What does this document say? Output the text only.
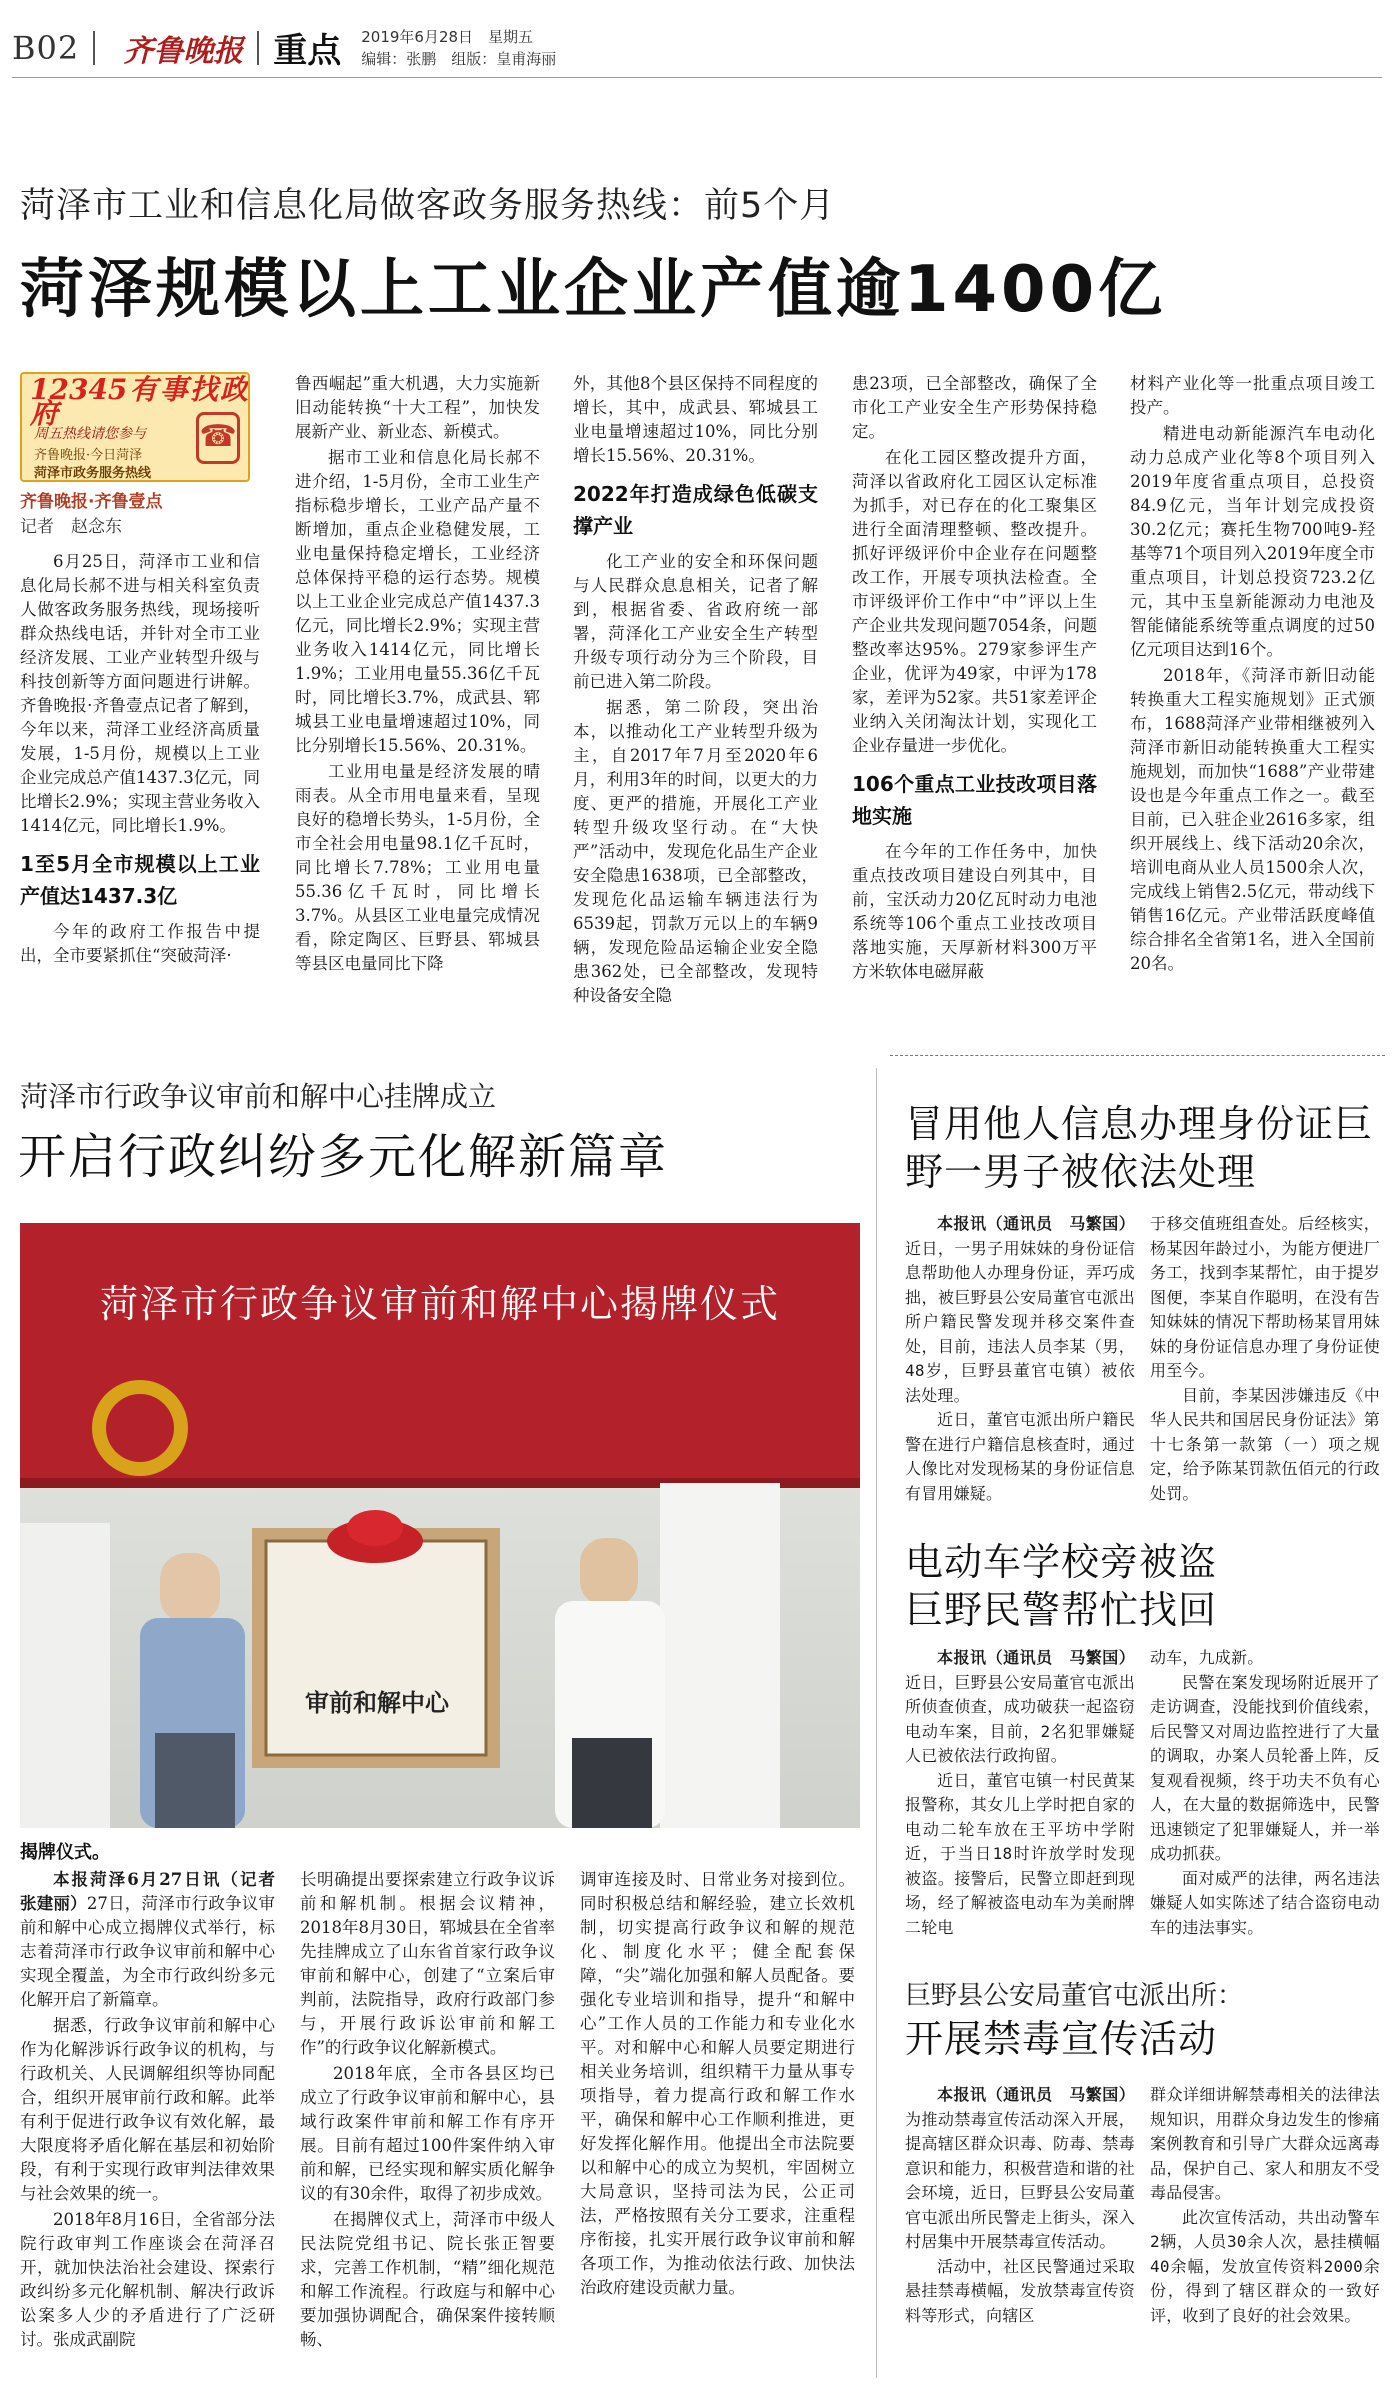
B02 齐鲁晚报 重点 2019年6月28日　星期五
编辑：张鹏　组版：皇甫海丽
菏泽市工业和信息化局做客政务服务热线：前5个月
菏泽规模以上工业企业产值逾1400亿
12345有事找政府
周五热线请您参与
齐鲁晚报·今日菏泽
菏泽市政务服务热线
☎
齐鲁晚报·齐鲁壹点
记者　赵念东

6月25日，菏泽市工业和信息化局长郝不进与相关科室负责人做客政务服务热线，现场接听群众热线电话，并针对全市工业经济发展、工业产业转型升级与科技创新等方面问题进行讲解。齐鲁晚报·齐鲁壹点记者了解到，今年以来，菏泽工业经济高质量发展，1-5月份，规模以上工业企业完成总产值1437.3亿元，同比增长2.9%；实现主营业务收入1414亿元，同比增长1.9%。

1至5月全市规模以上工业产值达1437.3亿

今年的政府工作报告中提出，全市要紧抓住“突破菏泽·

鲁西崛起”重大机遇，大力实施新旧动能转换“十大工程”，加快发展新产业、新业态、新模式。

据市工业和信息化局长郝不进介绍，1-5月份，全市工业生产指标稳步增长，工业产品产量不断增加，重点企业稳健发展，工业电量保持稳定增长，工业经济总体保持平稳的运行态势。规模以上工业企业完成总产值1437.3亿元，同比增长2.9%；实现主营业务收入1414亿元，同比增长1.9%；工业用电量55.36亿千瓦时，同比增长3.7%，成武县、郓城县工业电量增速超过10%，同比分别增长15.56%、20.31%。

工业用电量是经济发展的晴雨表。从全市用电量来看，呈现良好的稳增长势头，1-5月份，全市全社会用电量98.1亿千瓦时，同比增长7.78%；工业用电量55.36亿千瓦时，同比增长3.7%。从县区工业电量完成情况看，除定陶区、巨野县、郓城县等县区电量同比下降

外，其他8个县区保持不同程度的增长，其中，成武县、郓城县工业电量增速超过10%，同比分别增长15.56%、20.31%。

2022年打造成绿色低碳支撑产业

化工产业的安全和环保问题与人民群众息息相关，记者了解到，根据省委、省政府统一部署，菏泽化工产业安全生产转型升级专项行动分为三个阶段，目前已进入第二阶段。

据悉，第二阶段，突出治本，以推动化工产业转型升级为主，自2017年7月至2020年6月，利用3年的时间，以更大的力度、更严的措施，开展化工产业转型升级攻坚行动。在“大快严”活动中，发现危化品生产企业安全隐患1638项，已全部整改，发现危化品运输车辆违法行为6539起，罚款万元以上的车辆9辆，发现危险品运输企业安全隐患362处，已全部整改，发现特种设备安全隐

患23项，已全部整改，确保了全市化工产业安全生产形势保持稳定。

在化工园区整改提升方面，菏泽以省政府化工园区认定标准为抓手，对已存在的化工聚集区进行全面清理整顿、整改提升。抓好评级评价中企业存在问题整改工作，开展专项执法检查。全市评级评价工作中“中”评以上生产企业共发现问题7054条，问题整改率达95%。279家参评生产企业，优评为49家，中评为178家，差评为52家。共51家差评企业纳入关闭淘汰计划，实现化工企业存量进一步优化。

106个重点工业技改项目落地实施

在今年的工作任务中，加快重点技改项目建设白列其中，目前，宝沃动力20亿瓦时动力电池系统等106个重点工业技改项目落地实施，天厚新材料300万平方米软体电磁屏蔽

材料产业化等一批重点项目竣工投产。

精进电动新能源汽车电动化动力总成产业化等8个项目列入2019年度省重点项目，总投资84.9亿元，当年计划完成投资30.2亿元；赛托生物700吨9-羟基等71个项目列入2019年度全市重点项目，计划总投资723.2亿元，其中玉皇新能源动力电池及智能储能系统等重点调度的过50亿元项目达到16个。

2018年，《菏泽市新旧动能转换重大工程实施规划》正式颁布，1688菏泽产业带相继被列入菏泽市新旧动能转换重大工程实施规划，而加快“1688”产业带建设也是今年重点工作之一。截至目前，已入驻企业2616多家，组织开展线上、线下活动20余次，培训电商从业人员1500余人次，完成线上销售2.5亿元，带动线下销售16亿元。产业带活跃度峰值综合排名全省第1名，进入全国前20名。

菏泽市行政争议审前和解中心挂牌成立
开启行政纠纷多元化解新篇章
菏泽市行政争议审前和解中心揭牌仪式
审前和解中心
揭牌仪式。

本报菏泽6月27日讯（记者　张建丽）27日，菏泽市行政争议审前和解中心成立揭牌仪式举行，标志着菏泽市行政争议审前和解中心实现全覆盖，为全市行政纠纷多元化解开启了新篇章。

据悉，行政争议审前和解中心作为化解涉诉行政争议的机构，与行政机关、人民调解组织等协同配合，组织开展审前行政和解。此举有利于促进行政争议有效化解，最大限度将矛盾化解在基层和初始阶段，有利于实现行政审判法律效果与社会效果的统一。

2018年8月16日，全省部分法院行政审判工作座谈会在菏泽召开，就加快法治社会建设、探索行政纠纷多元化解机制、解决行政诉讼案多人少的矛盾进行了广泛研讨。张成武副院

长明确提出要探索建立行政争议诉前和解机制。根据会议精神，2018年8月30日，郓城县在全省率先挂牌成立了山东省首家行政争议审前和解中心，创建了“立案后审判前，法院指导，政府行政部门参与，开展行政诉讼审前和解工作”的行政争议化解新模式。

2018年底，全市各县区均已成立了行政争议审前和解中心，县域行政案件审前和解工作有序开展。目前有超过100件案件纳入审前和解，已经实现和解实质化解争议的有30余件，取得了初步成效。

在揭牌仪式上，菏泽市中级人民法院党组书记、院长张正智要求，完善工作机制，“精”细化规范和解工作流程。行政庭与和解中心要加强协调配合，确保案件接转顺畅、

调审连接及时、日常业务对接到位。同时积极总结和解经验，建立长效机制，切实提高行政争议和解的规范化、制度化水平；健全配套保障，“尖”端化加强和解人员配备。要强化专业培训和指导，提升“和解中心”工作人员的工作能力和专业化水平。对和解中心和解人员要定期进行相关业务培训，组织精干力量从事专项指导，着力提高行政和解工作水平，确保和解中心工作顺利推进，更好发挥化解作用。他提出全市法院要以和解中心的成立为契机，牢固树立大局意识，坚持司法为民，公正司法，严格按照有关分工要求，注重程序衔接，扎实开展行政争议审前和解各项工作，为推动依法行政、加快法治政府建设贡献力量。

冒用他人信息办理身份证巨野一男子被依法处理

本报讯（通讯员　马繁国）近日，一男子用妹妹的身份证信息帮助他人办理身份证，弄巧成拙，被巨野县公安局董官屯派出所户籍民警发现并移交案件查处，目前，违法人员李某（男，48岁，巨野县董官屯镇）被依法处理。

近日，董官屯派出所户籍民警在进行户籍信息核查时，通过人像比对发现杨某的身份证信息有冒用嫌疑。

于移交值班组查处。后经核实，杨某因年龄过小，为能方便进厂务工，找到李某帮忙，由于提岁图便，李某自作聪明，在没有告知妹妹的情况下帮助杨某冒用妹妹的身份证信息办理了身份证使用至今。

目前，李某因涉嫌违反《中华人民共和国居民身份证法》第十七条第一款第（一）项之规定，给予陈某罚款伍佰元的行政处罚。

电动车学校旁被盗巨野民警帮忙找回

本报讯（通讯员　马繁国）近日，巨野县公安局董官屯派出所侦查侦查，成功破获一起盗窃电动车案，目前，2名犯罪嫌疑人已被依法行政拘留。

近日，董官屯镇一村民黄某报警称，其女儿上学时把自家的电动二轮车放在王平坊中学附近，于当日18时许放学时发现被盗。接警后，民警立即赶到现场，经了解被盗电动车为美耐牌二轮电

动车，九成新。

民警在案发现场附近展开了走访调查，没能找到价值线索，后民警又对周边监控进行了大量的调取，办案人员轮番上阵，反复观看视频，终于功夫不负有心人，在大量的数据筛选中，民警迅速锁定了犯罪嫌疑人，并一举成功抓获。

面对威严的法律，两名违法嫌疑人如实陈述了结合盗窃电动车的违法事实。

巨野县公安局董官屯派出所：
开展禁毒宣传活动

本报讯（通讯员　马繁国）为推动禁毒宣传活动深入开展，提高辖区群众识毒、防毒、禁毒意识和能力，积极营造和谐的社会环境，近日，巨野县公安局董官屯派出所民警走上街头，深入村居集中开展禁毒宣传活动。

活动中，社区民警通过采取悬挂禁毒横幅，发放禁毒宣传资料等形式，向辖区

群众详细讲解禁毒相关的法律法规知识，用群众身边发生的惨痛案例教育和引导广大群众远离毒品，保护自己、家人和朋友不受毒品侵害。

此次宣传活动，共出动警车2辆，人员30余人次，悬挂横幅40余幅，发放宣传资料2000余份，得到了辖区群众的一致好评，收到了良好的社会效果。
